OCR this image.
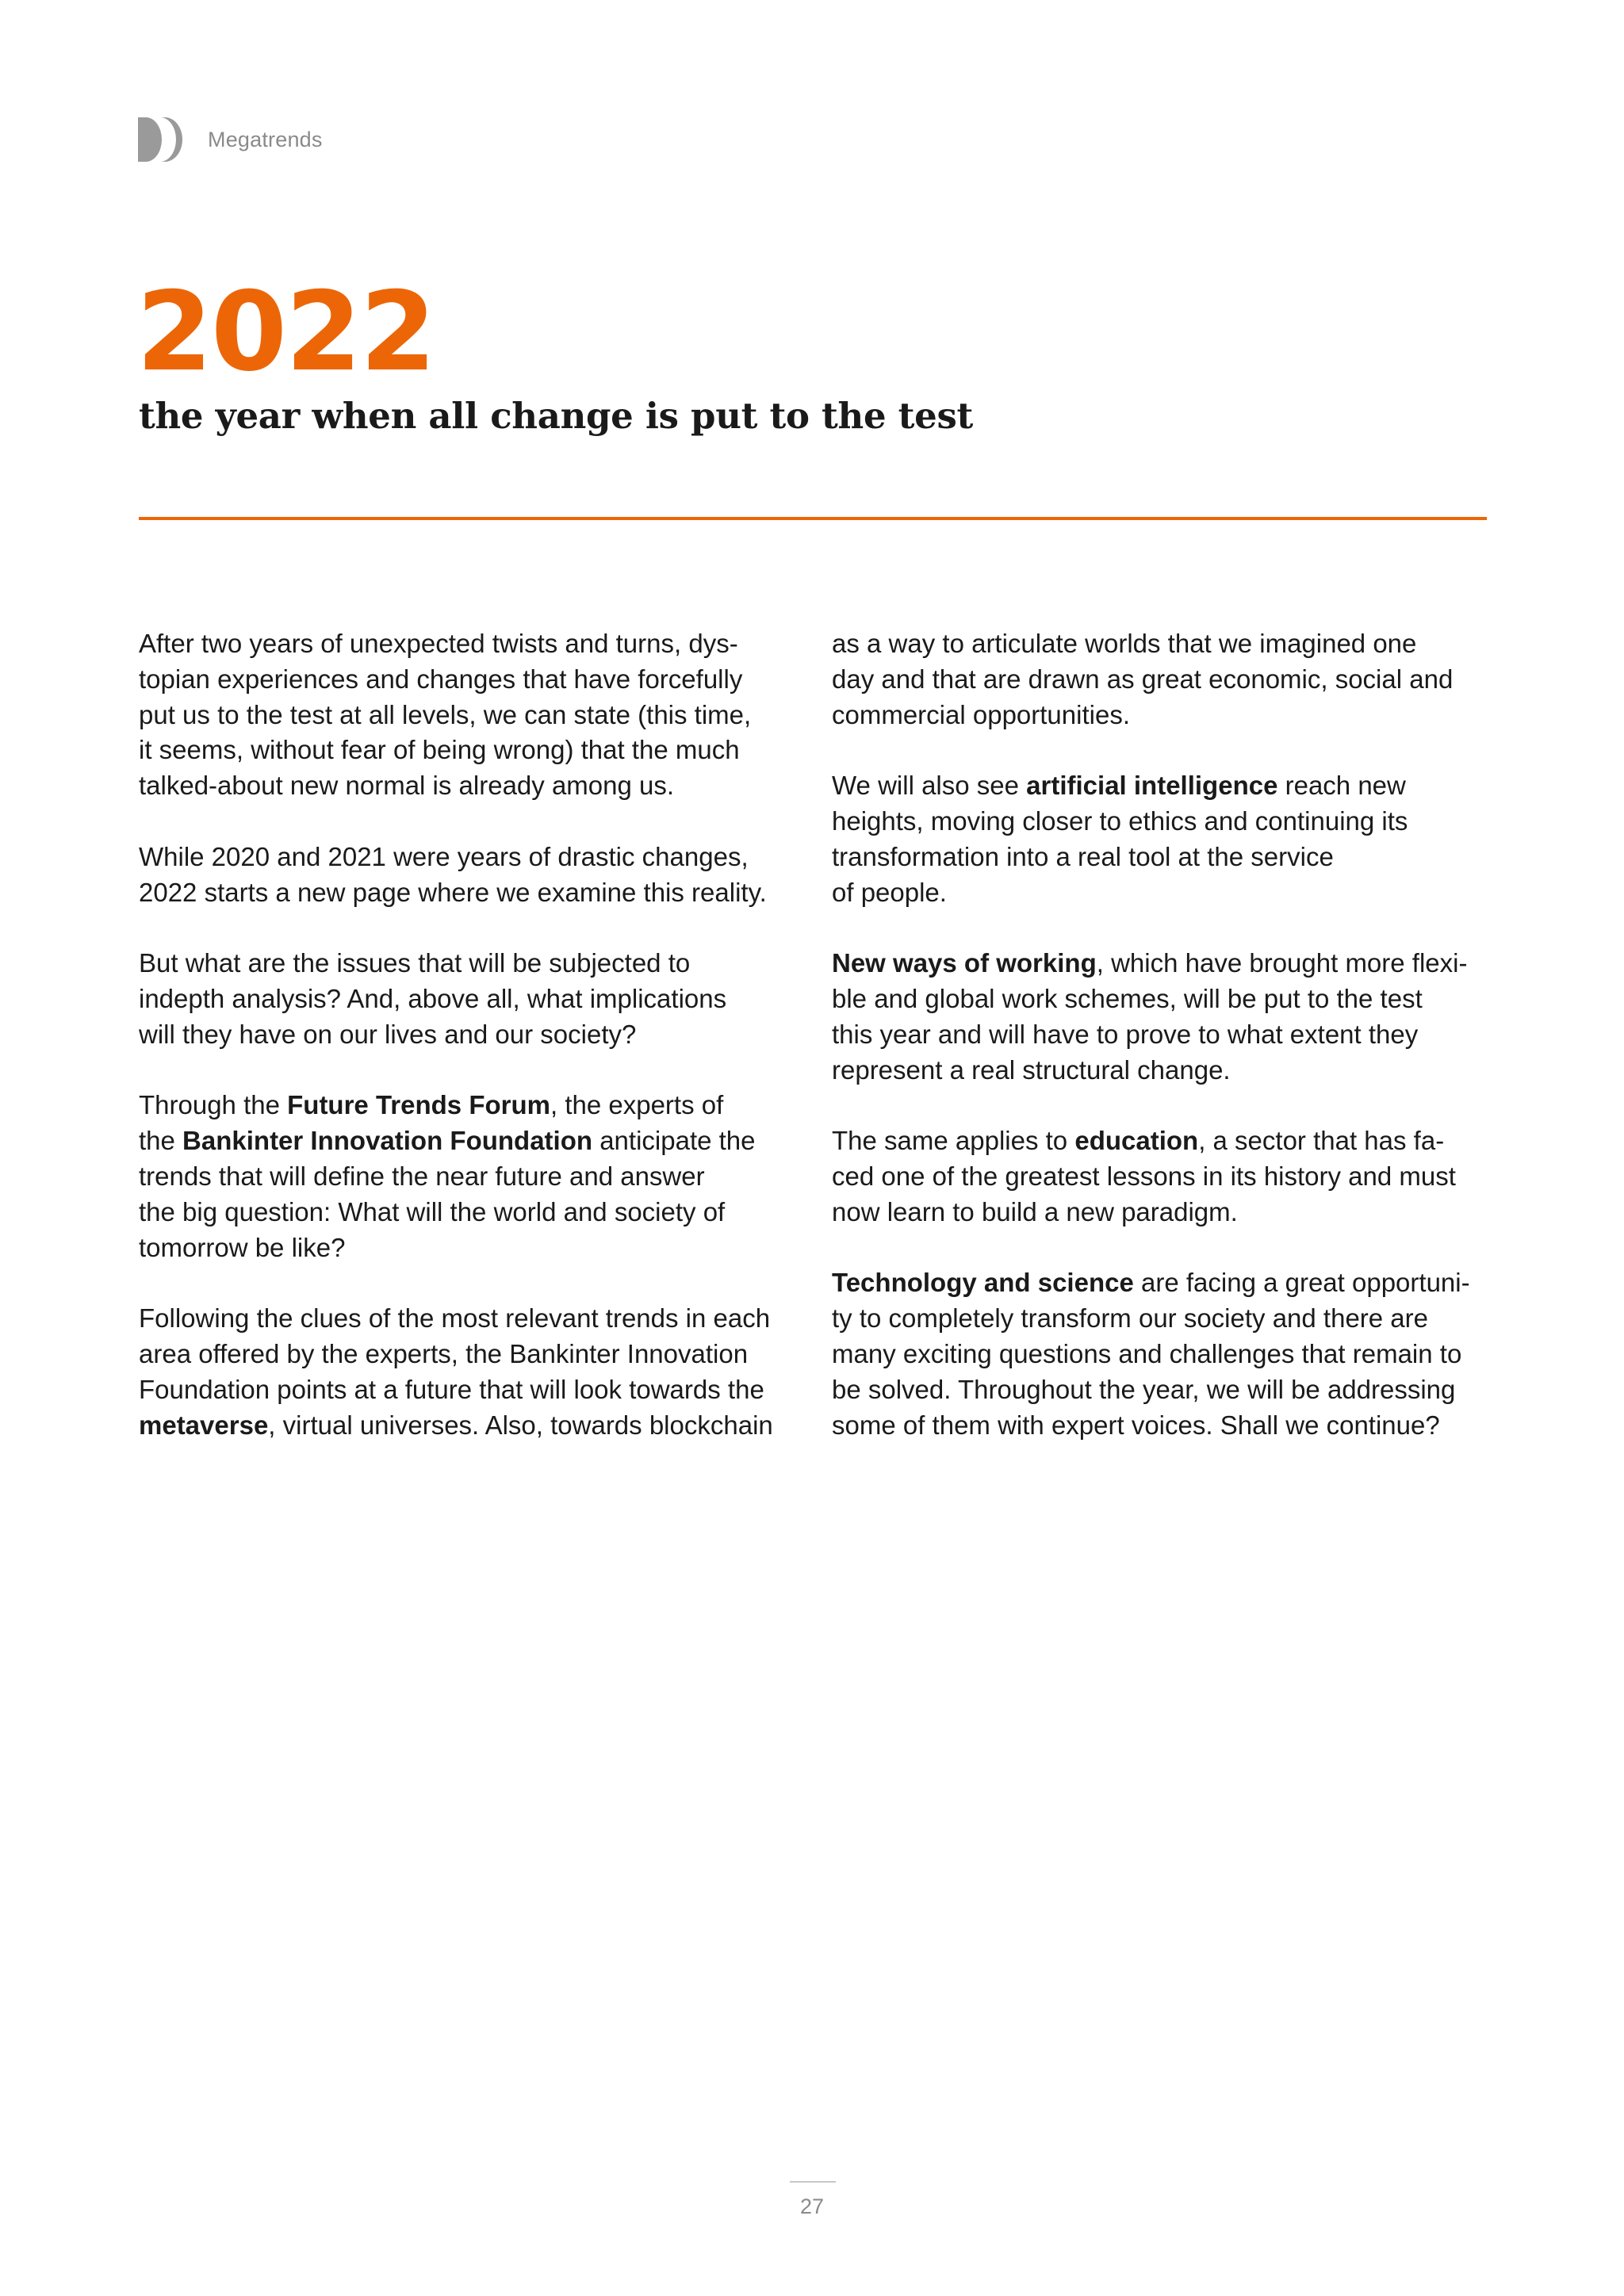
Megatrends
2022
the year when all change is put to the test

After two years of unexpected twists and turns, dys-
topian experiences and changes that have forcefully
put us to the test at all levels, we can state (this time,
it seems, without fear of being wrong) that the much
talked-about new normal is already among us.

While 2020 and 2021 were years of drastic changes,
2022 starts a new page where we examine this reality.

But what are the issues that will be subjected to
indepth analysis? And, above all, what implications
will they have on our lives and our society?

Through the Future Trends Forum, the experts of
the Bankinter Innovation Foundation anticipate the
trends that will define the near future and answer
the big question: What will the world and society of
tomorrow be like?

Following the clues of the most relevant trends in each
area offered by the experts, the Bankinter Innovation
Foundation points at a future that will look towards the
metaverse, virtual universes. Also, towards blockchain

as a way to articulate worlds that we imagined one
day and that are drawn as great economic, social and
commercial opportunities.

We will also see artificial intelligence reach new
heights, moving closer to ethics and continuing its
transformation into a real tool at the service
of people.

New ways of working, which have brought more flexi-
ble and global work schemes, will be put to the test
this year and will have to prove to what extent they
represent a real structural change.

The same applies to education, a sector that has fa-
ced one of the greatest lessons in its history and must
now learn to build a new paradigm.

Technology and science are facing a great opportuni-
ty to completely transform our society and there are
many exciting questions and challenges that remain to
be solved. Throughout the year, we will be addressing
some of them with expert voices. Shall we continue?

27
